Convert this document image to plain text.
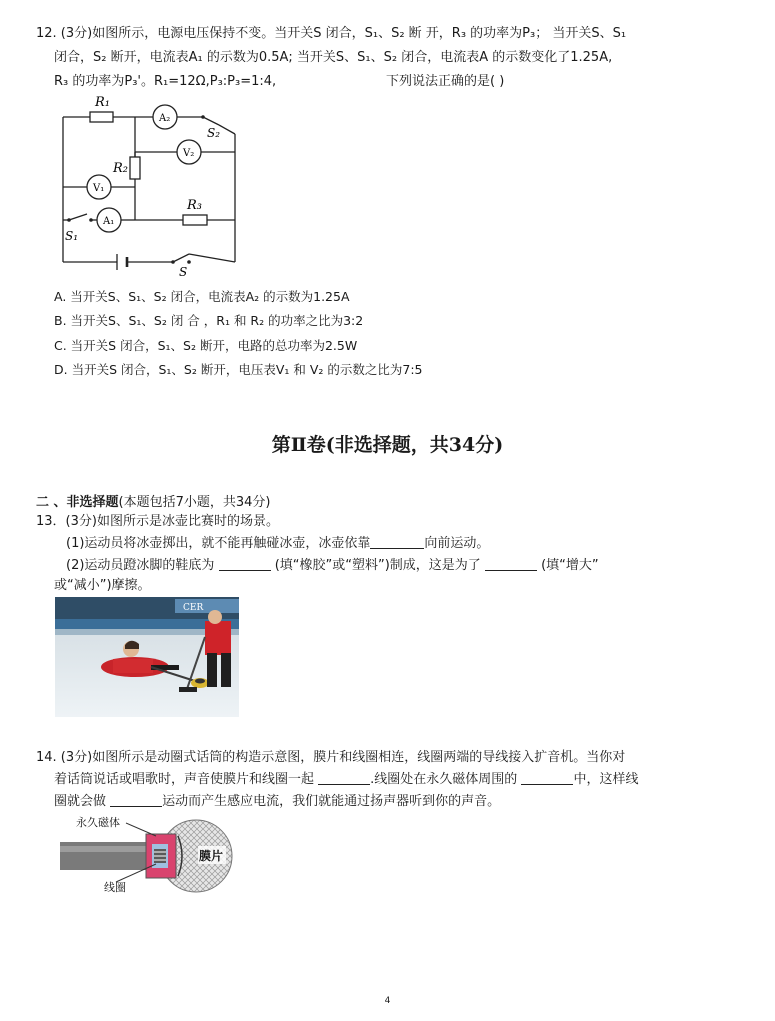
12. (3分)如图所示，电源电压保持不变。当开关S 闭合，S₁、S₂ 断 开，R₃ 的功率为P₃； 当开关S、S₁
闭合，S₂ 断开，电流表A₁ 的示数为0.5A; 当开关S、S₁、S₂ 闭合，电流表A 的示数变化了1.25A,
R₃ 的功率为P₃'。R₁=12Ω,P₃:P₃=1:4,	下列说法正确的是( )
R₁
A₂
S₂
V₂
R₂
V₁
A₁
R₃
S₁
S
A. 当开关S、S₁、S₂ 闭合，电流表A₂ 的示数为1.25A
B. 当开关S、S₁、S₂ 闭 合 ，R₁ 和 R₂ 的功率之比为3:2
C. 当开关S 闭合，S₁、S₂ 断开，电路的总功率为2.5W
D. 当开关S 闭合，S₁、S₂ 断开，电压表V₁ 和 V₂ 的示数之比为7:5
第Ⅱ卷(非选择题，共34分)
二 、非选择题(本题包括7小题，共34分)
13．(3分)如图所示是冰壶比赛时的场景。
(1)运动员将冰壶掷出，就不能再触碰冰壶，冰壶依靠	向前运动。
(2)运动员蹬冰脚的鞋底为	(填“橡胶”或“塑料”)制成，这是为了	(填“增大”
或“减小”)摩擦。
CER
14. (3分)如图所示是动圈式话筒的构造示意图，膜片和线圈相连，线圈两端的导线接入扩音机。当你对
着话筒说话或唱歌时，声音使膜片和线圈一起	.线圈处在永久磁体周围的	中，这样线
圈就会做	运动而产生感应电流，我们就能通过扬声器听到你的声音。
膜片
永久磁体
线圈
4
